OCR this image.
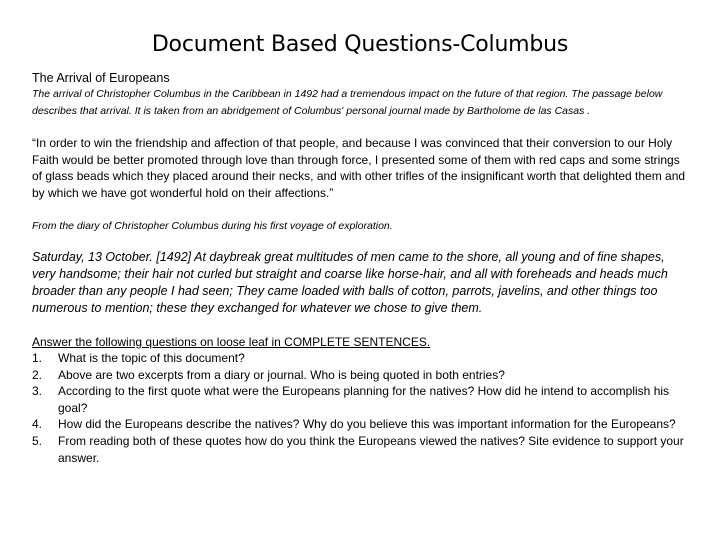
Document Based Questions-Columbus
The Arrival of Europeans
The arrival of Christopher Columbus in the Caribbean in 1492 had a tremendous impact on the future of that region. The passage below describes that arrival. It is taken from an abridgement of Columbus' personal journal made by Bartholome de las Casas .
“In order to win the friendship and affection of that people, and because I was convinced that their conversion to our Holy Faith would be better promoted through love than through force, I presented some of them with red caps and some strings of glass beads which they placed around their necks, and with other trifles of the insignificant worth that delighted them and by which we have got wonderful hold on their affections.”
From the diary of Christopher Columbus during his first voyage of exploration.
Saturday, 13 October. [1492] At daybreak great multitudes of men came to the shore, all young and of fine shapes, very handsome; their hair not curled but straight and coarse like horse-hair, and all with foreheads and heads much broader than any people I had seen; They came loaded with balls of cotton, parrots, javelins, and other things too numerous to mention; these they exchanged for whatever we chose to give them.
Answer the following questions on loose leaf in COMPLETE SENTENCES.
1. What is the topic of this document?
2. Above are two excerpts from a diary or journal. Who is being quoted in both entries?
3. According to the first quote what were the Europeans planning for the natives? How did he intend to accomplish his goal?
4. How did the Europeans describe the natives? Why do you believe this was important information for the Europeans?
5. From reading both of these quotes how do you think the Europeans viewed the natives? Site evidence to support your answer.
